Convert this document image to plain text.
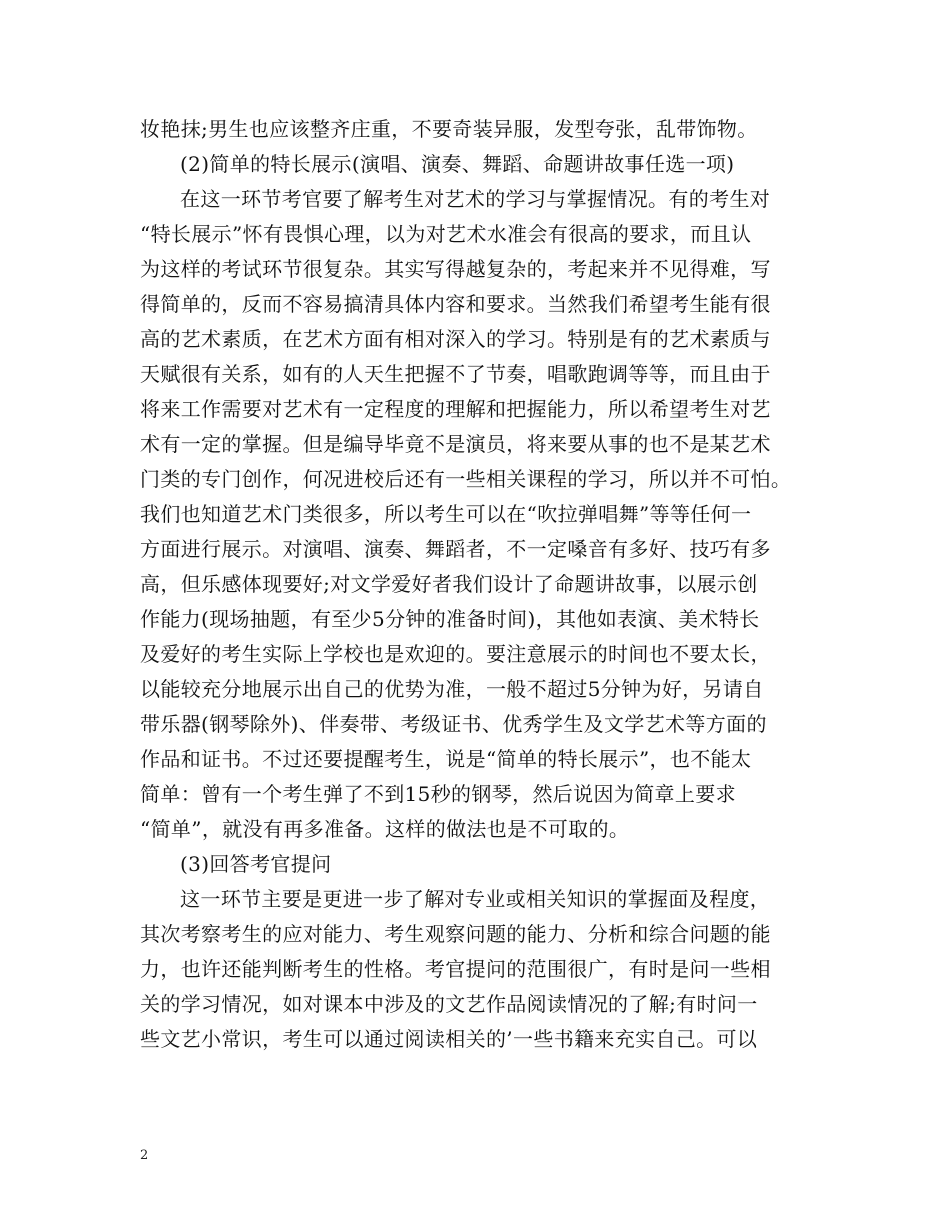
妆艳抹;男生也应该整齐庄重，不要奇装异服，发型夸张，乱带饰物。
(2)简单的特长展示(演唱、演奏、舞蹈、命题讲故事任选一项)
在这一环节考官要了解考生对艺术的学习与掌握情况。有的考生对
“特长展示”怀有畏惧心理，以为对艺术水准会有很高的要求，而且认
为这样的考试环节很复杂。其实写得越复杂的，考起来并不见得难，写
得简单的，反而不容易搞清具体内容和要求。当然我们希望考生能有很
高的艺术素质，在艺术方面有相对深入的学习。特别是有的艺术素质与
天赋很有关系，如有的人天生把握不了节奏，唱歌跑调等等，而且由于
将来工作需要对艺术有一定程度的理解和把握能力，所以希望考生对艺
术有一定的掌握。但是编导毕竟不是演员，将来要从事的也不是某艺术
门类的专门创作，何况进校后还有一些相关课程的学习，所以并不可怕。
我们也知道艺术门类很多，所以考生可以在“吹拉弹唱舞”等等任何一
方面进行展示。对演唱、演奏、舞蹈者，不一定嗓音有多好、技巧有多
高，但乐感体现要好;对文学爱好者我们设计了命题讲故事，以展示创
作能力(现场抽题，有至少5分钟的准备时间)，其他如表演、美术特长
及爱好的考生实际上学校也是欢迎的。要注意展示的时间也不要太长，
以能较充分地展示出自己的优势为准，一般不超过5分钟为好，另请自
带乐器(钢琴除外)、伴奏带、考级证书、优秀学生及文学艺术等方面的
作品和证书。不过还要提醒考生，说是“简单的特长展示”，也不能太
简单：曾有一个考生弹了不到15秒的钢琴，然后说因为简章上要求
“简单”，就没有再多准备。这样的做法也是不可取的。
(3)回答考官提问
这一环节主要是更进一步了解对专业或相关知识的掌握面及程度，
其次考察考生的应对能力、考生观察问题的能力、分析和综合问题的能
力，也许还能判断考生的性格。考官提问的范围很广，有时是问一些相
关的学习情况，如对课本中涉及的文艺作品阅读情况的了解;有时问一
些文艺小常识，考生可以通过阅读相关的’一些书籍来充实自己。可以
2
